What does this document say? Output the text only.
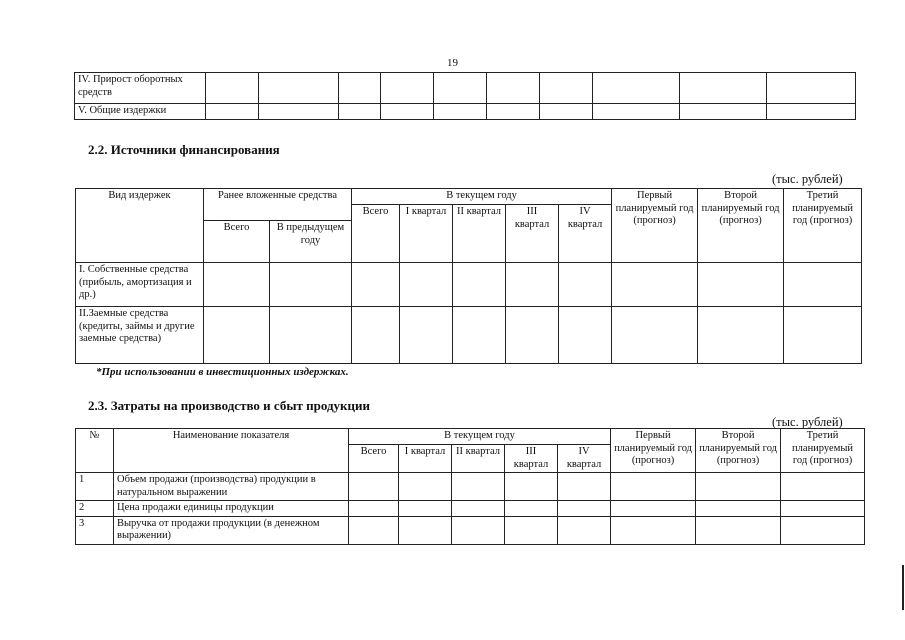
19
IV. Прирост оборотных средств										
V. Общие издержки										
2.2. Источники финансирования
(тыс. рублей)
Вид издержек	Ранее вложенные средства		В текущем году					Первый планируемый год (прогноз)	Второй планируемый год (прогноз)	Третий планируемый год (прогноз)
			Всего	I квартал	II квартал	III квартал	IV квартал			
	Всего	В предыдущем году								
I. Собственные средства (прибыль, амортизация и др.)										
II.Заемные средства (кредиты, займы и другие заемные средства)										
*При использовании в инвестиционных издержках.
2.3. Затраты на производство и сбыт продукции
(тыс. рублей)
№	Наименование показателя	В текущем году					Первый планируемый год (прогноз)	Второй планируемый год (прогноз)	Третий планируемый год (прогноз)
		Всего	I квартал	II квартал	III квартал	IV квартал			
1	Объем продажи (производства) продукции в натуральном выражении								
2	Цена продажи единицы продукции								
3	Выручка от продажи продукции (в денежном выражении)								
